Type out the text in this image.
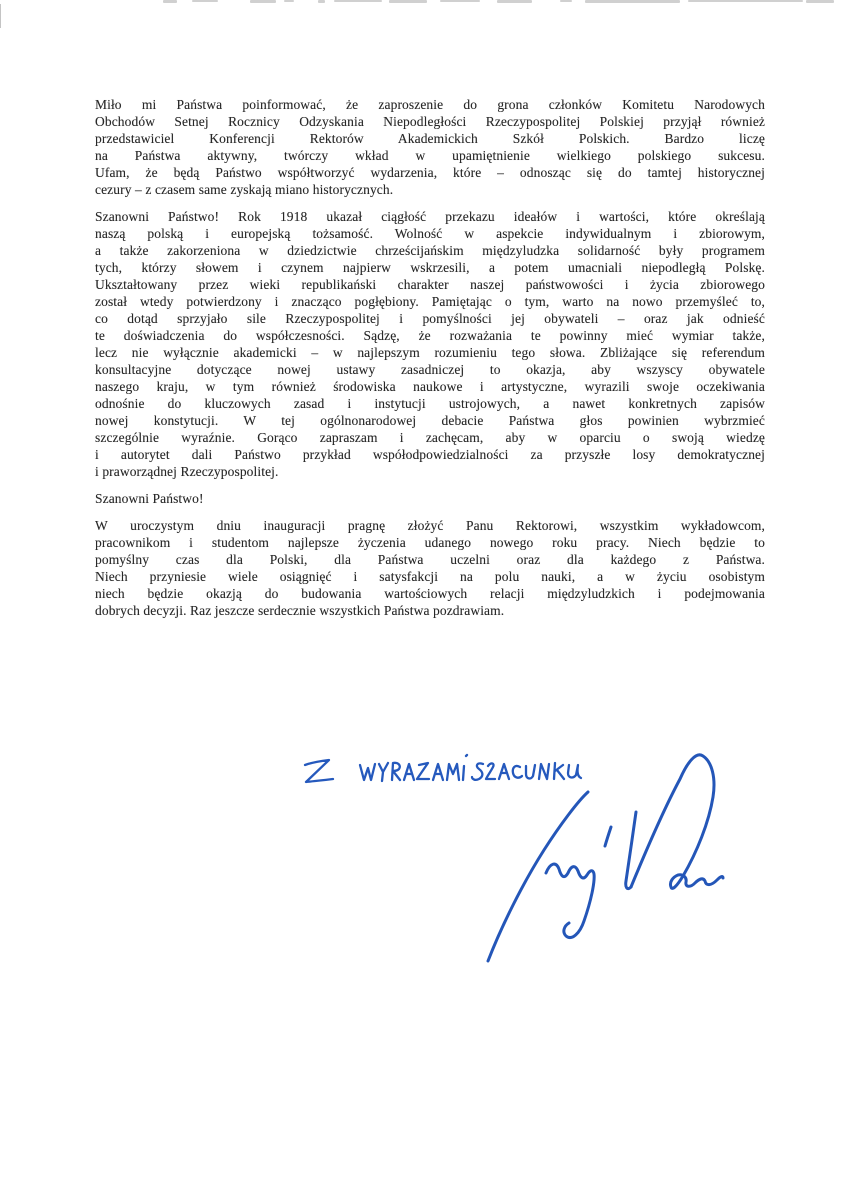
Miło mi Państwa poinformować, że zaproszenie do grona członków Komitetu Narodowych
Obchodów Setnej Rocznicy Odzyskania Niepodległości Rzeczypospolitej Polskiej przyjął również
przedstawiciel Konferencji Rektorów Akademickich Szkół Polskich. Bardzo liczę
na Państwa aktywny, twórczy wkład w upamiętnienie wielkiego polskiego sukcesu.
Ufam, że będą Państwo współtworzyć wydarzenia, które – odnosząc się do tamtej historycznej
cezury – z czasem same zyskają miano historycznych.
Szanowni Państwo! Rok 1918 ukazał ciągłość przekazu ideałów i wartości, które określają
naszą polską i europejską tożsamość. Wolność w aspekcie indywidualnym i zbiorowym,
a także zakorzeniona w dziedzictwie chrześcijańskim międzyludzka solidarność były programem
tych, którzy słowem i czynem najpierw wskrzesili, a potem umacniali niepodległą Polskę.
Ukształtowany przez wieki republikański charakter naszej państwowości i życia zbiorowego
został wtedy potwierdzony i znacząco pogłębiony. Pamiętając o tym, warto na nowo przemyśleć to,
co dotąd sprzyjało sile Rzeczypospolitej i pomyślności jej obywateli – oraz jak odnieść
te doświadczenia do współczesności. Sądzę, że rozważania te powinny mieć wymiar także,
lecz nie wyłącznie akademicki – w najlepszym rozumieniu tego słowa. Zbliżające się referendum
konsultacyjne dotyczące nowej ustawy zasadniczej to okazja, aby wszyscy obywatele
naszego kraju, w tym również środowiska naukowe i artystyczne, wyrazili swoje oczekiwania
odnośnie do kluczowych zasad i instytucji ustrojowych, a nawet konkretnych zapisów
nowej konstytucji. W tej ogólnonarodowej debacie Państwa głos powinien wybrzmieć
szczególnie wyraźnie. Gorąco zapraszam i zachęcam, aby w oparciu o swoją wiedzę
i autorytet dali Państwo przykład współodpowiedzialności za przyszłe losy demokratycznej
i praworządnej Rzeczypospolitej.
Szanowni Państwo!
W uroczystym dniu inauguracji pragnę złożyć Panu Rektorowi, wszystkim wykładowcom,
pracownikom i studentom najlepsze życzenia udanego nowego roku pracy. Niech będzie to
pomyślny czas dla Polski, dla Państwa uczelni oraz dla każdego z Państwa.
Niech przyniesie wiele osiągnięć i satysfakcji na polu nauki, a w życiu osobistym
niech będzie okazją do budowania wartościowych relacji międzyludzkich i podejmowania
dobrych decyzji. Raz jeszcze serdecznie wszystkich Państwa pozdrawiam.
